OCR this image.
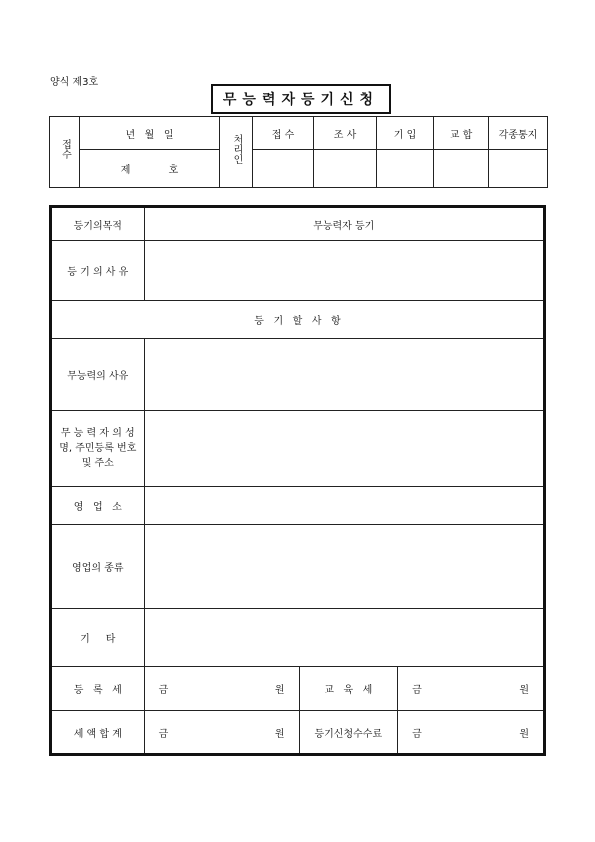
양식 제3호
무능력자등기신청
접수	년   월   일	처리인	접 수	조 사	기 입	교 합	각종통지
	제            호						
등기의목적	무능력자 등기		
등 기 의 사 유			
등   기   할   사   항			
무능력의 사유			
무 능 력 자 의 성명, 주민등록 번호 및 주소			
영   업   소			
영업의 종류			
기     타			
등   록   세	금 원	교   육   세	금 원

세 액 합 계	금 원	등기신청수수료	금 원
